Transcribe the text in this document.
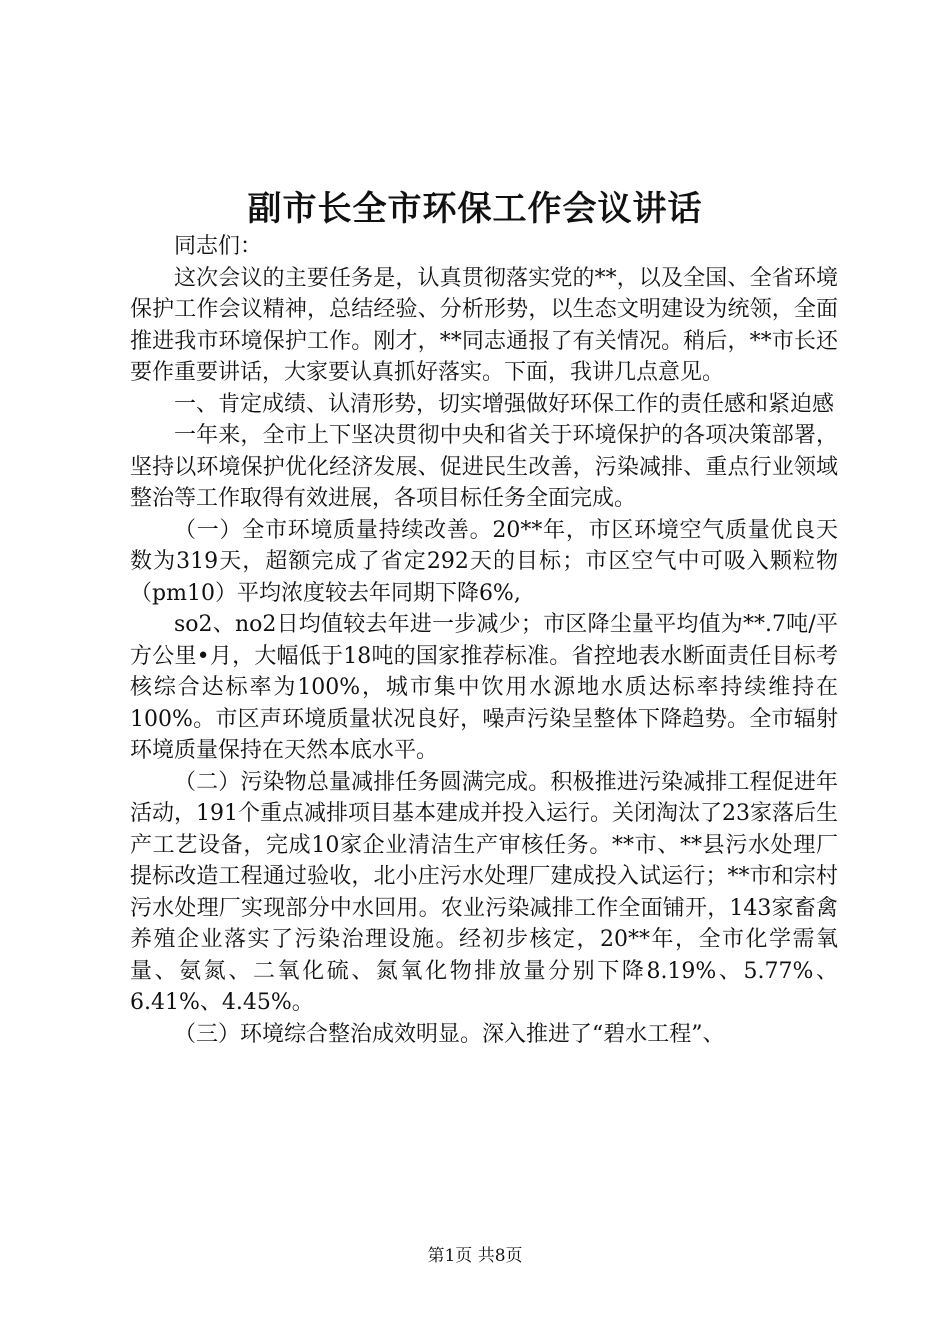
副市长全市环保工作会议讲话

同志们：

这次会议的主要任务是，认真贯彻落实党的**，以及全国、全省环境保护工作会议精神，总结经验、分析形势，以生态文明建设为统领，全面推进我市环境保护工作。刚才，**同志通报了有关情况。稍后，**市长还要作重要讲话，大家要认真抓好落实。下面，我讲几点意见。

一、肯定成绩、认清形势，切实增强做好环保工作的责任感和紧迫感

一年来，全市上下坚决贯彻中央和省关于环境保护的各项决策部署，坚持以环境保护优化经济发展、促进民生改善，污染减排、重点行业领域整治等工作取得有效进展，各项目标任务全面完成。

（一）全市环境质量持续改善。20**年，市区环境空气质量优良天数为319天，超额完成了省定292天的目标；市区空气中可吸入颗粒物（pm10）平均浓度较去年同期下降6%,

so2、no2日均值较去年进一步减少；市区降尘量平均值为**.7吨/平方公里•月，大幅低于18吨的国家推荐标准。省控地表水断面责任目标考核综合达标率为100%，城市集中饮用水源地水质达标率持续维持在100%。市区声环境质量状况良好，噪声污染呈整体下降趋势。全市辐射环境质量保持在天然本底水平。

（二）污染物总量减排任务圆满完成。积极推进污染减排工程促进年活动，191个重点减排项目基本建成并投入运行。关闭淘汰了23家落后生产工艺设备，完成10家企业清洁生产审核任务。**市、**县污水处理厂提标改造工程通过验收，北小庄污水处理厂建成投入试运行；**市和宗村污水处理厂实现部分中水回用。农业污染减排工作全面铺开，143家畜禽养殖企业落实了污染治理设施。经初步核定，20**年，全市化学需氧量、氨氮、二氧化硫、氮氧化物排放量分别下降8.19%、5.77%、6.41%、4.45%。

（三）环境综合整治成效明显。深入推进了“碧水工程”、

第1页 共8页
